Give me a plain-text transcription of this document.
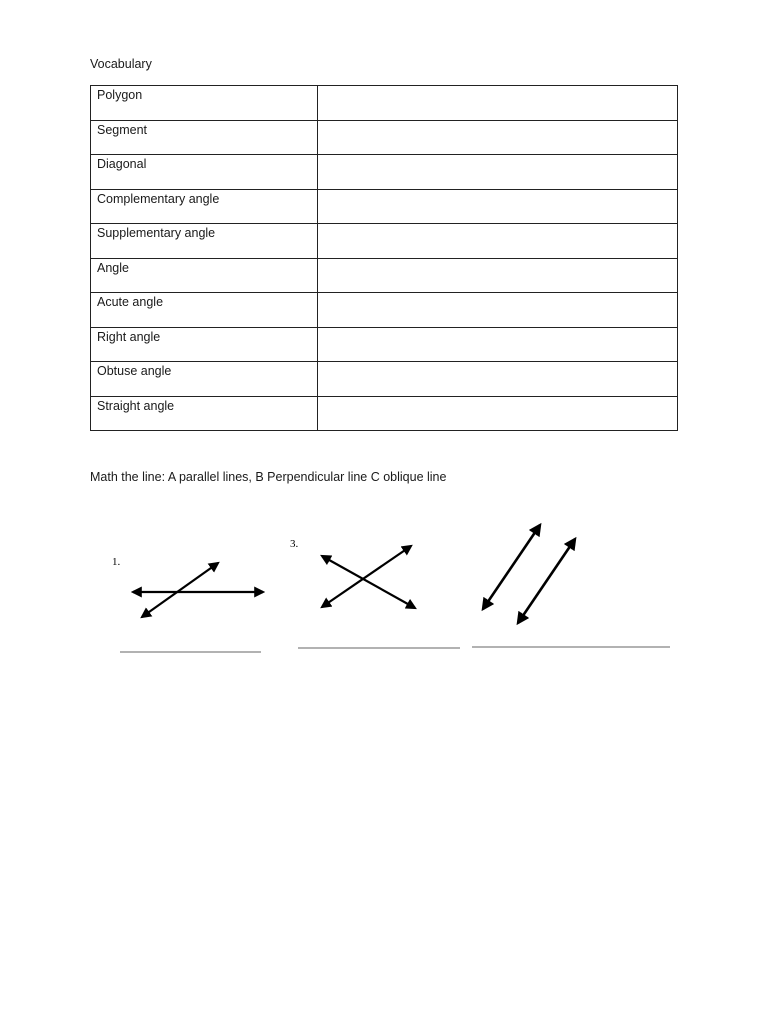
Vocabulary
Polygon	
Segment	
Diagonal	
Complementary angle	
Supplementary angle	
Angle	
Acute angle	
Right angle	
Obtuse angle	
Straight angle	
Math the line: A parallel lines, B Perpendicular line C oblique line
1.
3.
